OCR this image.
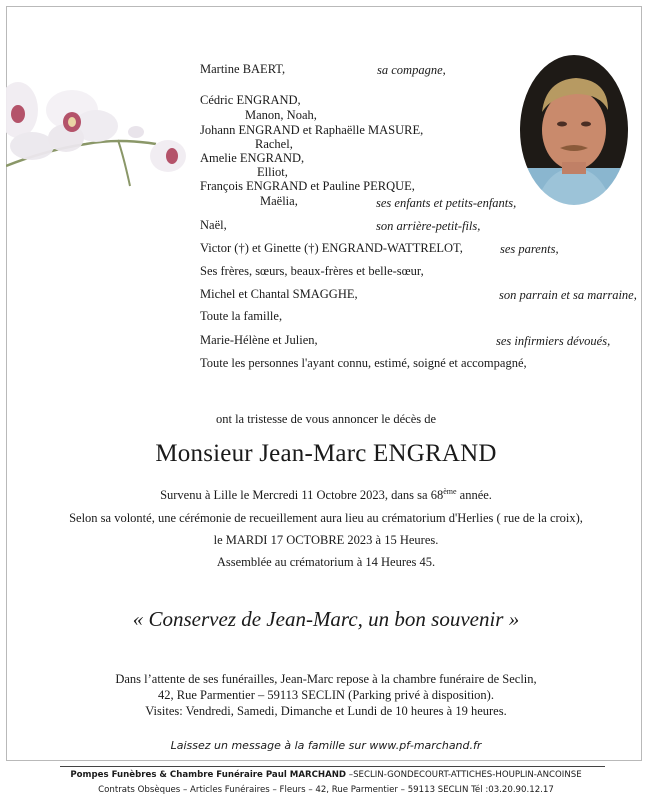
Martine BAERT,	sa compagne,
Cédric ENGRAND,
Manon, Noah,
Johann ENGRAND et Raphaëlle MASURE,
Rachel,
Amelie ENGRAND,
Elliot,
François ENGRAND et Pauline PERQUE,
Maëlia,	ses enfants et petits-enfants,
Naël,	son arrière-petit-fils,
Victor (†) et Ginette (†) ENGRAND-WATTRELOT,	ses parents,
Ses frères, sœurs, beaux-frères et belle-sœur,
Michel et Chantal SMAGGHE,	son parrain et sa marraine,
Toute la famille,
Marie-Hélène et Julien,	ses infirmiers dévoués,
Toute les personnes l'ayant connu, estimé, soigné et accompagné,
ont la tristesse de vous annoncer le décès de
Monsieur Jean-Marc ENGRAND
Survenu à Lille le Mercredi 11 Octobre 2023, dans sa 68ème année.
Selon sa volonté, une cérémonie de recueillement aura lieu au crématorium d'Herlies ( rue de la croix),
le MARDI 17 OCTOBRE 2023 à 15 Heures.
Assemblée au crématorium à 14 Heures 45.
« Conservez de Jean-Marc, un bon souvenir »
Dans l’attente de ses funérailles, Jean-Marc repose à la chambre funéraire de Seclin,
42, Rue Parmentier – 59113 SECLIN (Parking privé à disposition).
Visites: Vendredi, Samedi, Dimanche et Lundi de 10 heures à 19 heures.
Laissez un message à la famille sur www.pf-marchand.fr
Pompes Funèbres & Chambre Funéraire Paul MARCHAND –SECLIN-GONDECOURT-ATTICHES-HOUPLIN-ANCOINSE
Contrats Obsèques – Articles Funéraires – Fleurs – 42, Rue Parmentier – 59113 SECLIN Tél :03.20.90.12.17
